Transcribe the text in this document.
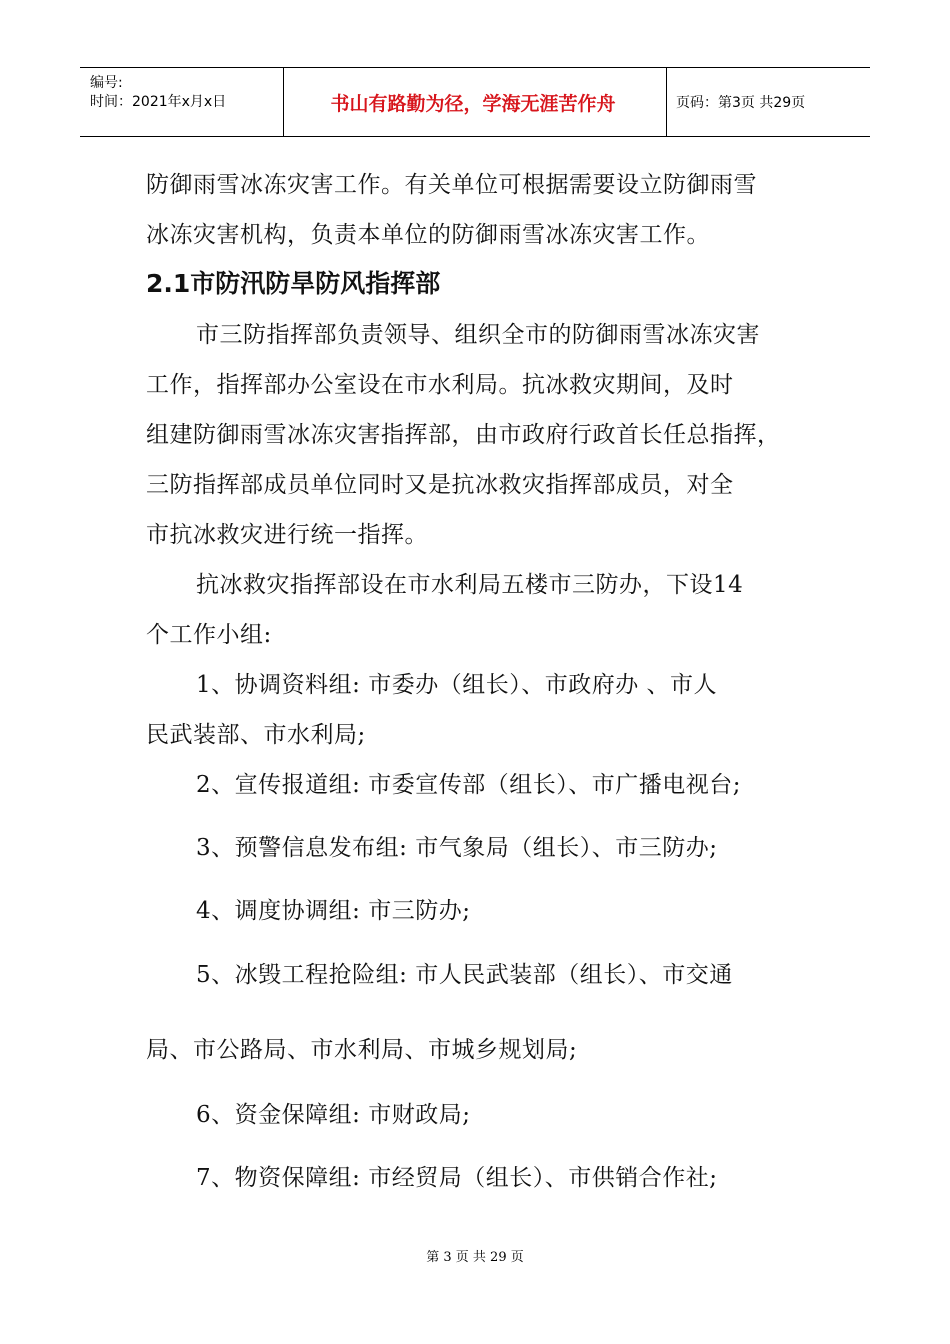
编号:
时间：2021年x月x日	书山有路勤为径，学海无涯苦作舟	页码：第3页 共29页
防御雨雪冰冻灾害工作。有关单位可根据需要设立防御雨雪
冰冻灾害机构，负责本单位的防御雨雪冰冻灾害工作。
2.1市防汛防旱防风指挥部
市三防指挥部负责领导、组织全市的防御雨雪冰冻灾害
工作，指挥部办公室设在市水利局。抗冰救灾期间，及时
组建防御雨雪冰冻灾害指挥部，由市政府行政首长任总指挥，
三防指挥部成员单位同时又是抗冰救灾指挥部成员，对全
市抗冰救灾进行统一指挥。
抗冰救灾指挥部设在市水利局五楼市三防办，下设14
个工作小组:
1、协调资料组: 市委办（组长）、市政府办 、市人
民武装部、市水利局;
2、宣传报道组: 市委宣传部（组长）、市广播电视台;
3、预警信息发布组: 市气象局（组长）、市三防办;
4、调度协调组: 市三防办;
5、冰毁工程抢险组: 市人民武装部（组长）、市交通
局、市公路局、市水利局、市城乡规划局;
6、资金保障组: 市财政局;
7、物资保障组: 市经贸局（组长）、市供销合作社;
第 3 页 共 29 页
